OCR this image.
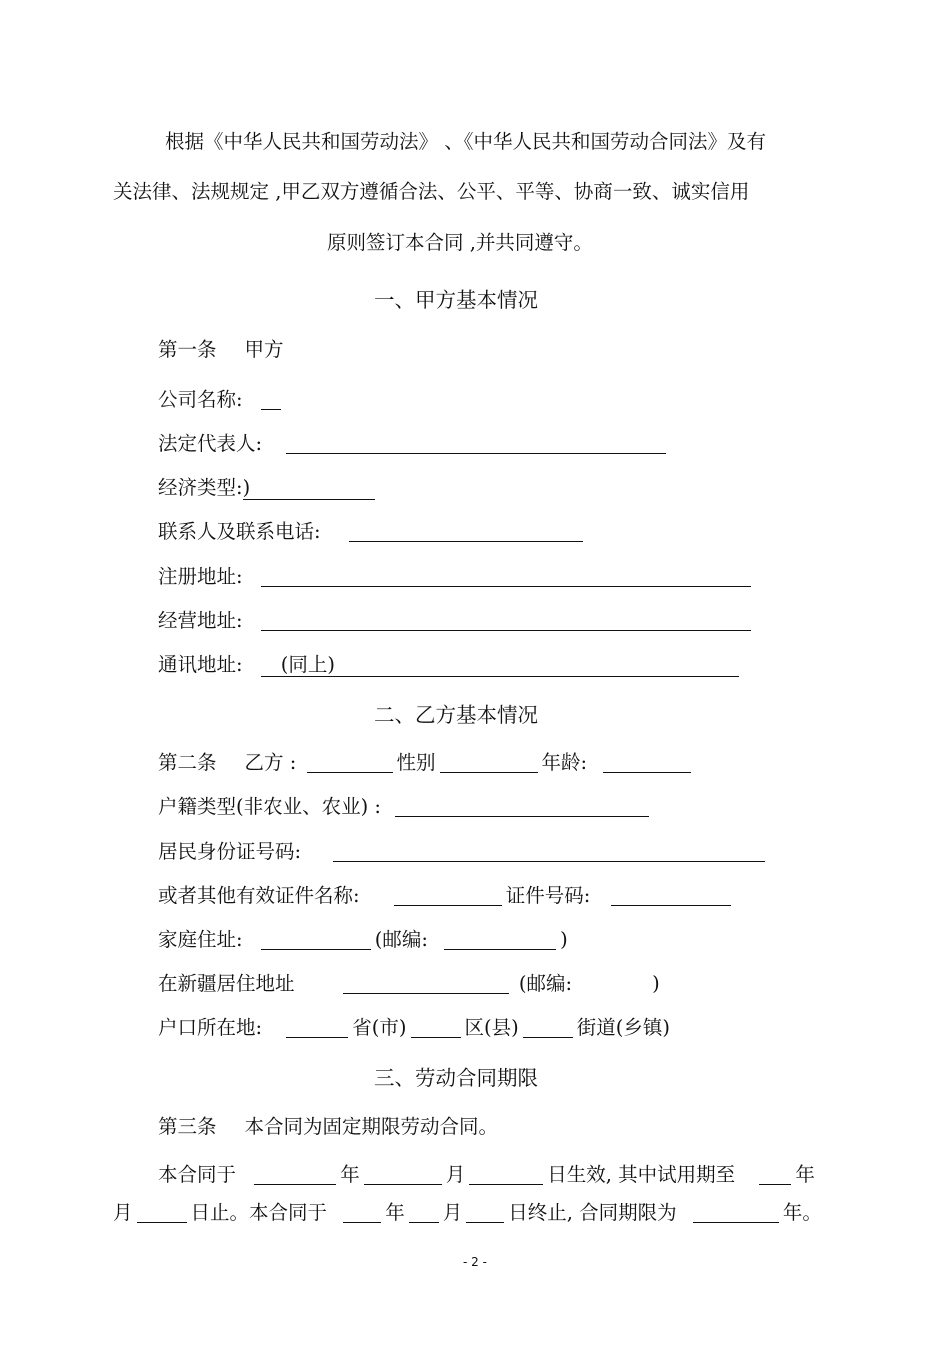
根据《中华人民共和国劳动法》 、《中华人民共和国劳动合同法》及有
关法律、法规规定 ,甲乙双方遵循合法、公平、平等、协商一致、诚实信用
原则签订本合同 ,并共同遵守。
一、甲方基本情况
第一条 甲方
公司名称:
法定代表人:
经济类型:)
联系人及联系电话:
注册地址:
经营地址:
通讯地址: (同上)
二、乙方基本情况
第二条 乙方 :	性别	年龄:
户籍类型(非农业、农业) :
居民身份证号码:
或者其他有效证件名称:	证件号码:
家庭住址:	(邮编:	)
在新疆居住地址	(邮编:	)
户口所在地:	省(市)	区(县)	街道(乡镇)
三、劳动合同期限
第三条 本合同为固定期限劳动合同。
本合同于	年	月	日生效, 其中试用期至	年
月	日止。本合同于	年 月 日终止, 合同期限为	年。
- 2 -
